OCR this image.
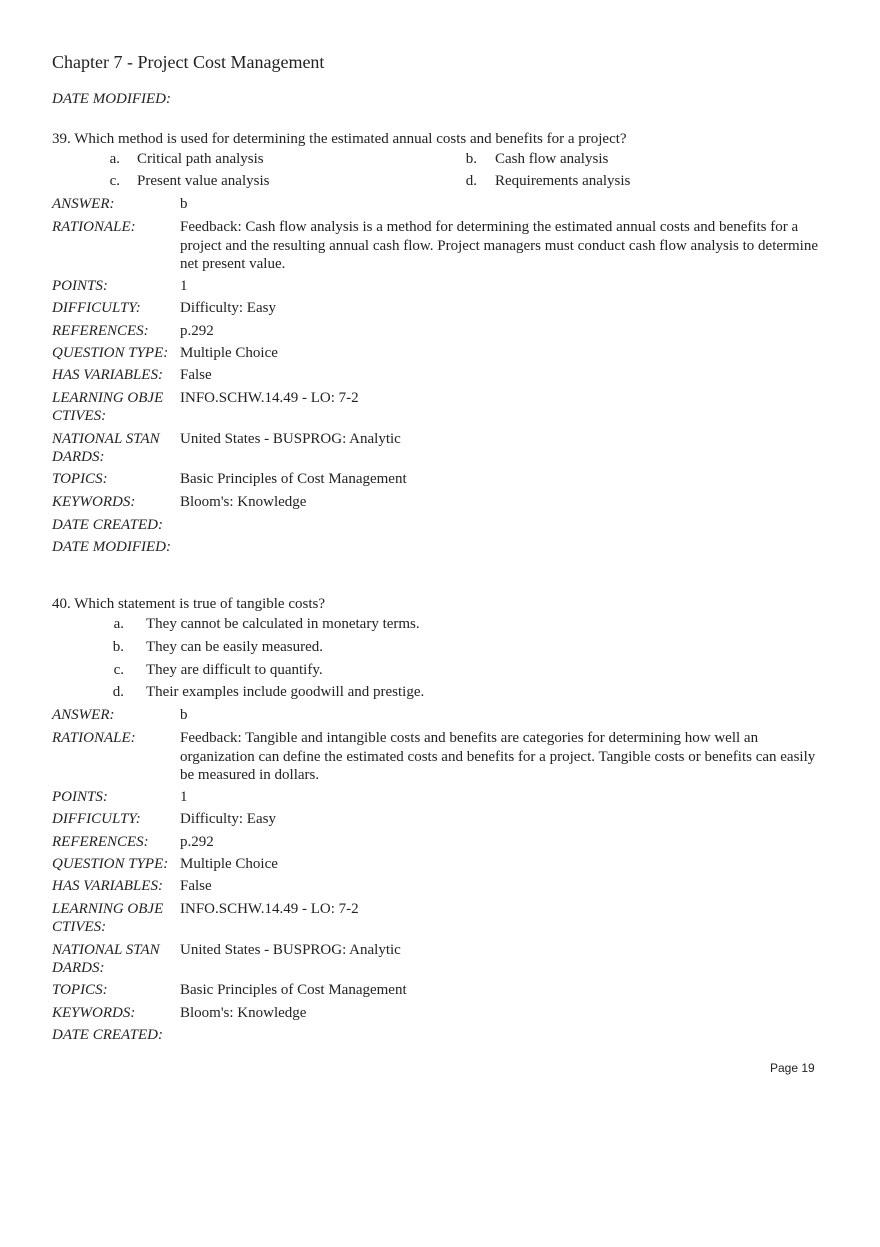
Chapter 7 - Project Cost Management
DATE MODIFIED:
39. Which method is used for determining the estimated annual costs and benefits for a project?
a. Critical path analysis	b. Cash flow analysis
c. Present value analysis	d. Requirements analysis
ANSWER:	b
RATIONALE:	Feedback: Cash flow analysis is a method for determining the estimated annual costs and benefits for a project and the resulting annual cash flow. Project managers must conduct cash flow analysis to determine net present value.
POINTS:	1
DIFFICULTY:	Difficulty: Easy
REFERENCES: p.292
QUESTION TYPE: Multiple Choice
HAS VARIABLES: False
LEARNING OBJECTIVES:
INFO.SCHW.14.49 - LO: 7-2
NATIONAL STANDARDS:
United States - BUSPROG: Analytic
TOPICS:	Basic Principles of Cost Management
KEYWORDS:	Bloom's: Knowledge
DATE CREATED:
DATE MODIFIED:
40. Which statement is true of tangible costs?
a. They cannot be calculated in monetary terms.
b. They can be easily measured.
c. They are difficult to quantify.
d. Their examples include goodwill and prestige.
ANSWER:	b
RATIONALE:	Feedback: Tangible and intangible costs and benefits are categories for determining how well an organization can define the estimated costs and benefits for a project. Tangible costs or benefits can easily be measured in dollars.
POINTS:	1
DIFFICULTY:	Difficulty: Easy
REFERENCES: p.292
QUESTION TYPE: Multiple Choice
HAS VARIABLES: False
LEARNING OBJECTIVES:
INFO.SCHW.14.49 - LO: 7-2
NATIONAL STANDARDS:
United States - BUSPROG: Analytic
TOPICS:	Basic Principles of Cost Management
KEYWORDS:	Bloom's: Knowledge
DATE CREATED:
Page 19
